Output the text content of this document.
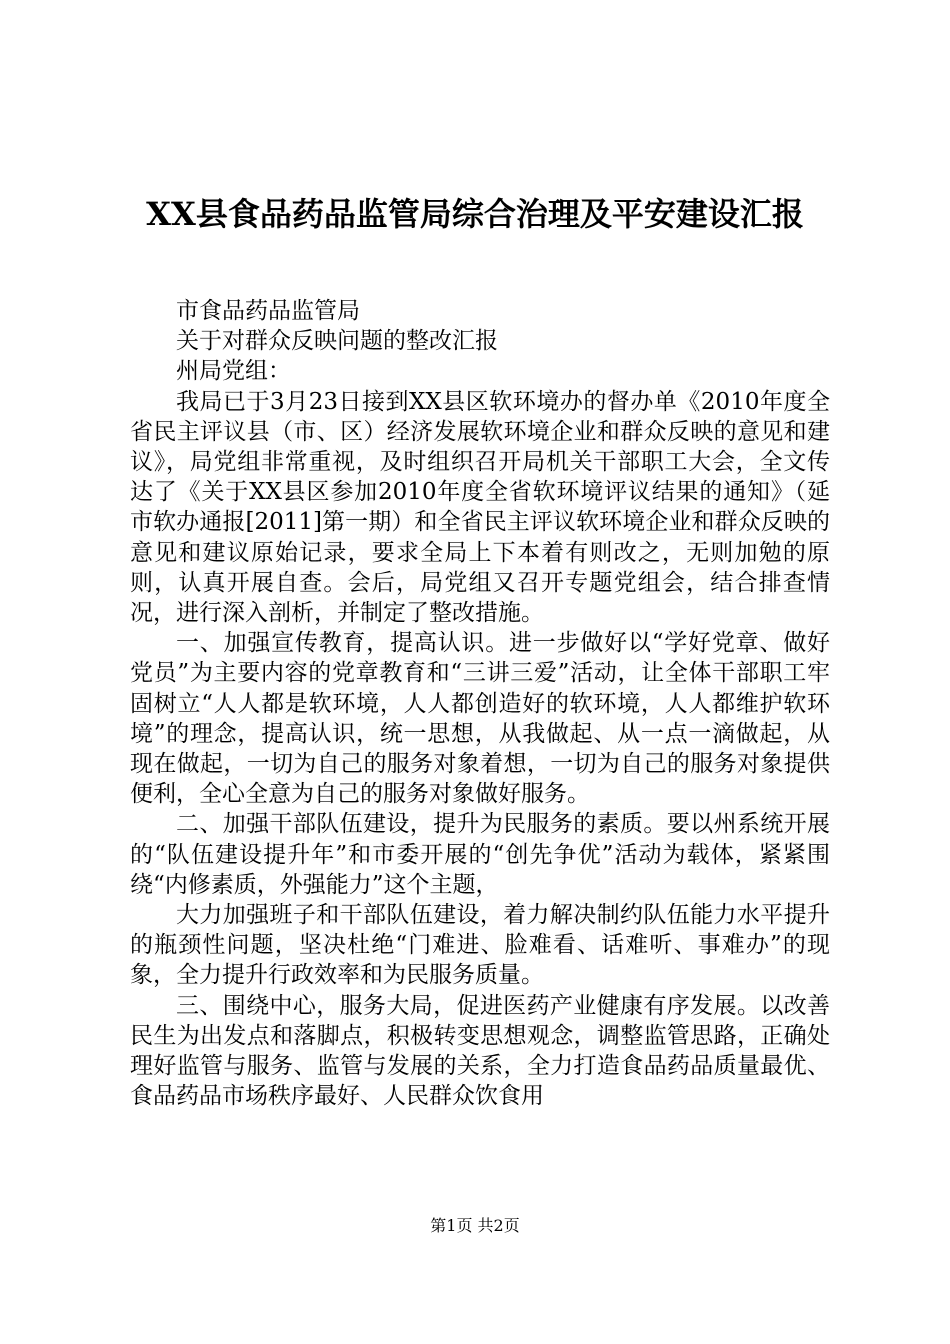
XX县食品药品监管局综合治理及平安建设汇报

市食品药品监管局

关于对群众反映问题的整改汇报

州局党组：

我局已于3月23日接到XX县区软环境办的督办单《2010年度全省民主评议县（市、区）经济发展软环境企业和群众反映的意见和建议》，局党组非常重视，及时组织召开局机关干部职工大会，全文传达了《关于XX县区参加2010年度全省软环境评议结果的通知》（延市软办通报[2011]第一期）和全省民主评议软环境企业和群众反映的意见和建议原始记录，要求全局上下本着有则改之，无则加勉的原则，认真开展自查。会后，局党组又召开专题党组会，结合排查情况，进行深入剖析，并制定了整改措施。

一、加强宣传教育，提高认识。进一步做好以“学好党章、做好党员”为主要内容的党章教育和“三讲三爱”活动，让全体干部职工牢固树立“人人都是软环境，人人都创造好的软环境，人人都维护软环境”的理念，提高认识，统一思想，从我做起、从一点一滴做起，从现在做起，一切为自己的服务对象着想，一切为自己的服务对象提供便利，全心全意为自己的服务对象做好服务。

二、加强干部队伍建设，提升为民服务的素质。要以州系统开展的“队伍建设提升年”和市委开展的“创先争优”活动为载体，紧紧围绕“内修素质，外强能力”这个主题，

大力加强班子和干部队伍建设，着力解决制约队伍能力水平提升的瓶颈性问题，坚决杜绝“门难进、脸难看、话难听、事难办”的现象，全力提升行政效率和为民服务质量。

三、围绕中心，服务大局，促进医药产业健康有序发展。以改善民生为出发点和落脚点，积极转变思想观念，调整监管思路，正确处理好监管与服务、监管与发展的关系，全力打造食品药品质量最优、食品药品市场秩序最好、人民群众饮食用

第1页 共2页
